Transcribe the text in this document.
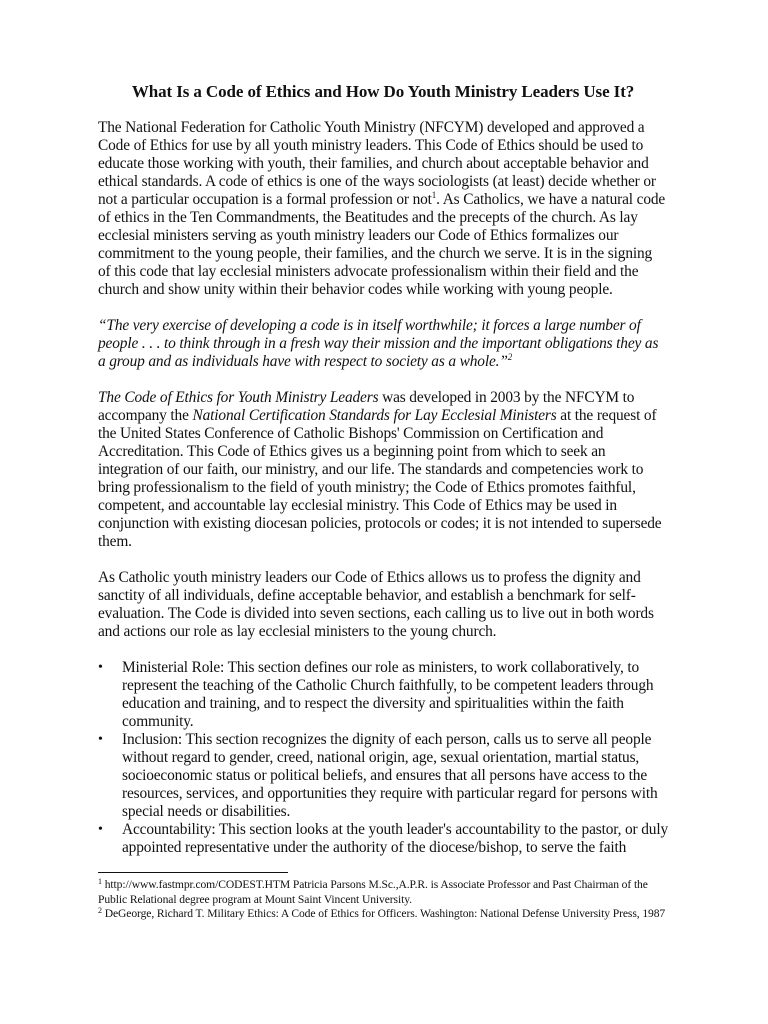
What Is a Code of Ethics and How Do Youth Ministry Leaders Use It?

The National Federation for Catholic Youth Ministry (NFCYM) developed and approved a Code of Ethics for use by all youth ministry leaders. This Code of Ethics should be used to educate those working with youth, their families, and church about acceptable behavior and ethical standards. A code of ethics is one of the ways sociologists (at least) decide whether or not a particular occupation is a formal profession or not$^1$. As Catholics, we have a natural code of ethics in the Ten Commandments, the Beatitudes and the precepts of the church. As lay ecclesial ministers serving as youth ministry leaders our Code of Ethics formalizes our commitment to the young people, their families, and the church we serve. It is in the signing of this code that lay ecclesial ministers advocate professionalism within their field and the church and show unity within their behavior codes while working with young people.

“The very exercise of developing a code is in itself worthwhile; it forces a large number of people . . . to think through in a fresh way their mission and the important obligations they as a group and as individuals have with respect to society as a whole.”$^2$

The Code of Ethics for Youth Ministry Leaders was developed in 2003 by the NFCYM to accompany the National Certification Standards for Lay Ecclesial Ministers at the request of the United States Conference of Catholic Bishops' Commission on Certification and Accreditation. This Code of Ethics gives us a beginning point from which to seek an integration of our faith, our ministry, and our life. The standards and competencies work to bring professionalism to the field of youth ministry; the Code of Ethics promotes faithful, competent, and accountable lay ecclesial ministry. This Code of Ethics may be used in conjunction with existing diocesan policies, protocols or codes; it is not intended to supersede them.

As Catholic youth ministry leaders our Code of Ethics allows us to profess the dignity and sanctity of all individuals, define acceptable behavior, and establish a benchmark for self-evaluation. The Code is divided into seven sections, each calling us to live out in both words and actions our role as lay ecclesial ministers to the young church.

• Ministerial Role: This section defines our role as ministers, to work collaboratively, to represent the teaching of the Catholic Church faithfully, to be competent leaders through education and training, and to respect the diversity and spiritualities within the faith community.
• Inclusion: This section recognizes the dignity of each person, calls us to serve all people without regard to gender, creed, national origin, age, sexual orientation, martial status, socioeconomic status or political beliefs, and ensures that all persons have access to the resources, services, and opportunities they require with particular regard for persons with special needs or disabilities.
• Accountability: This section looks at the youth leader's accountability to the pastor, or duly appointed representative under the authority of the diocese/bishop, to serve the faith

$^1$ http://www.fastmpr.com/CODEST.HTM Patricia Parsons M.Sc.,A.P.R. is Associate Professor and Past Chairman of the Public Relational degree program at Mount Saint Vincent University.

$^2$ DeGeorge, Richard T. Military Ethics: A Code of Ethics for Officers. Washington: National Defense University Press, 1987
